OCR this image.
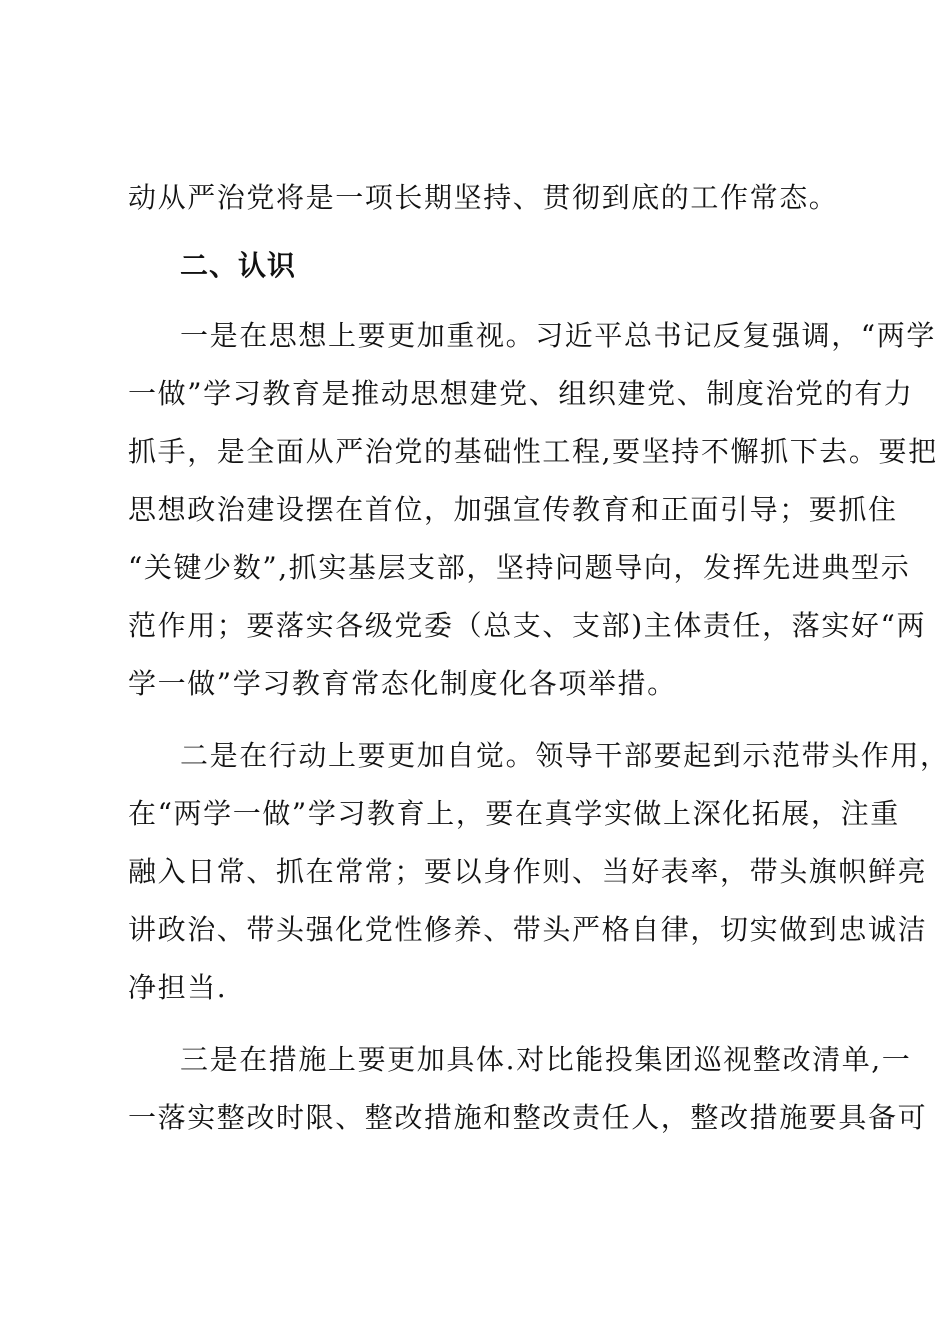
动从严治党将是一项长期坚持、贯彻到底的工作常态。
二、认识
一是在思想上要更加重视。习近平总书记反复强调，“两学
一做”学习教育是推动思想建党、组织建党、制度治党的有力
抓手，是全面从严治党的基础性工程,要坚持不懈抓下去。要把
思想政治建设摆在首位，加强宣传教育和正面引导；要抓住
“关键少数”,抓实基层支部，坚持问题导向，发挥先进典型示
范作用；要落实各级党委（总支、支部)主体责任，落实好“两
学一做”学习教育常态化制度化各项举措。
二是在行动上要更加自觉。领导干部要起到示范带头作用，
在“两学一做”学习教育上，要在真学实做上深化拓展，注重
融入日常、抓在常常；要以身作则、当好表率，带头旗帜鲜亮
讲政治、带头强化党性修养、带头严格自律，切实做到忠诚洁
净担当.
三是在措施上要更加具体.对比能投集团巡视整改清单,一
一落实整改时限、整改措施和整改责任人，整改措施要具备可
